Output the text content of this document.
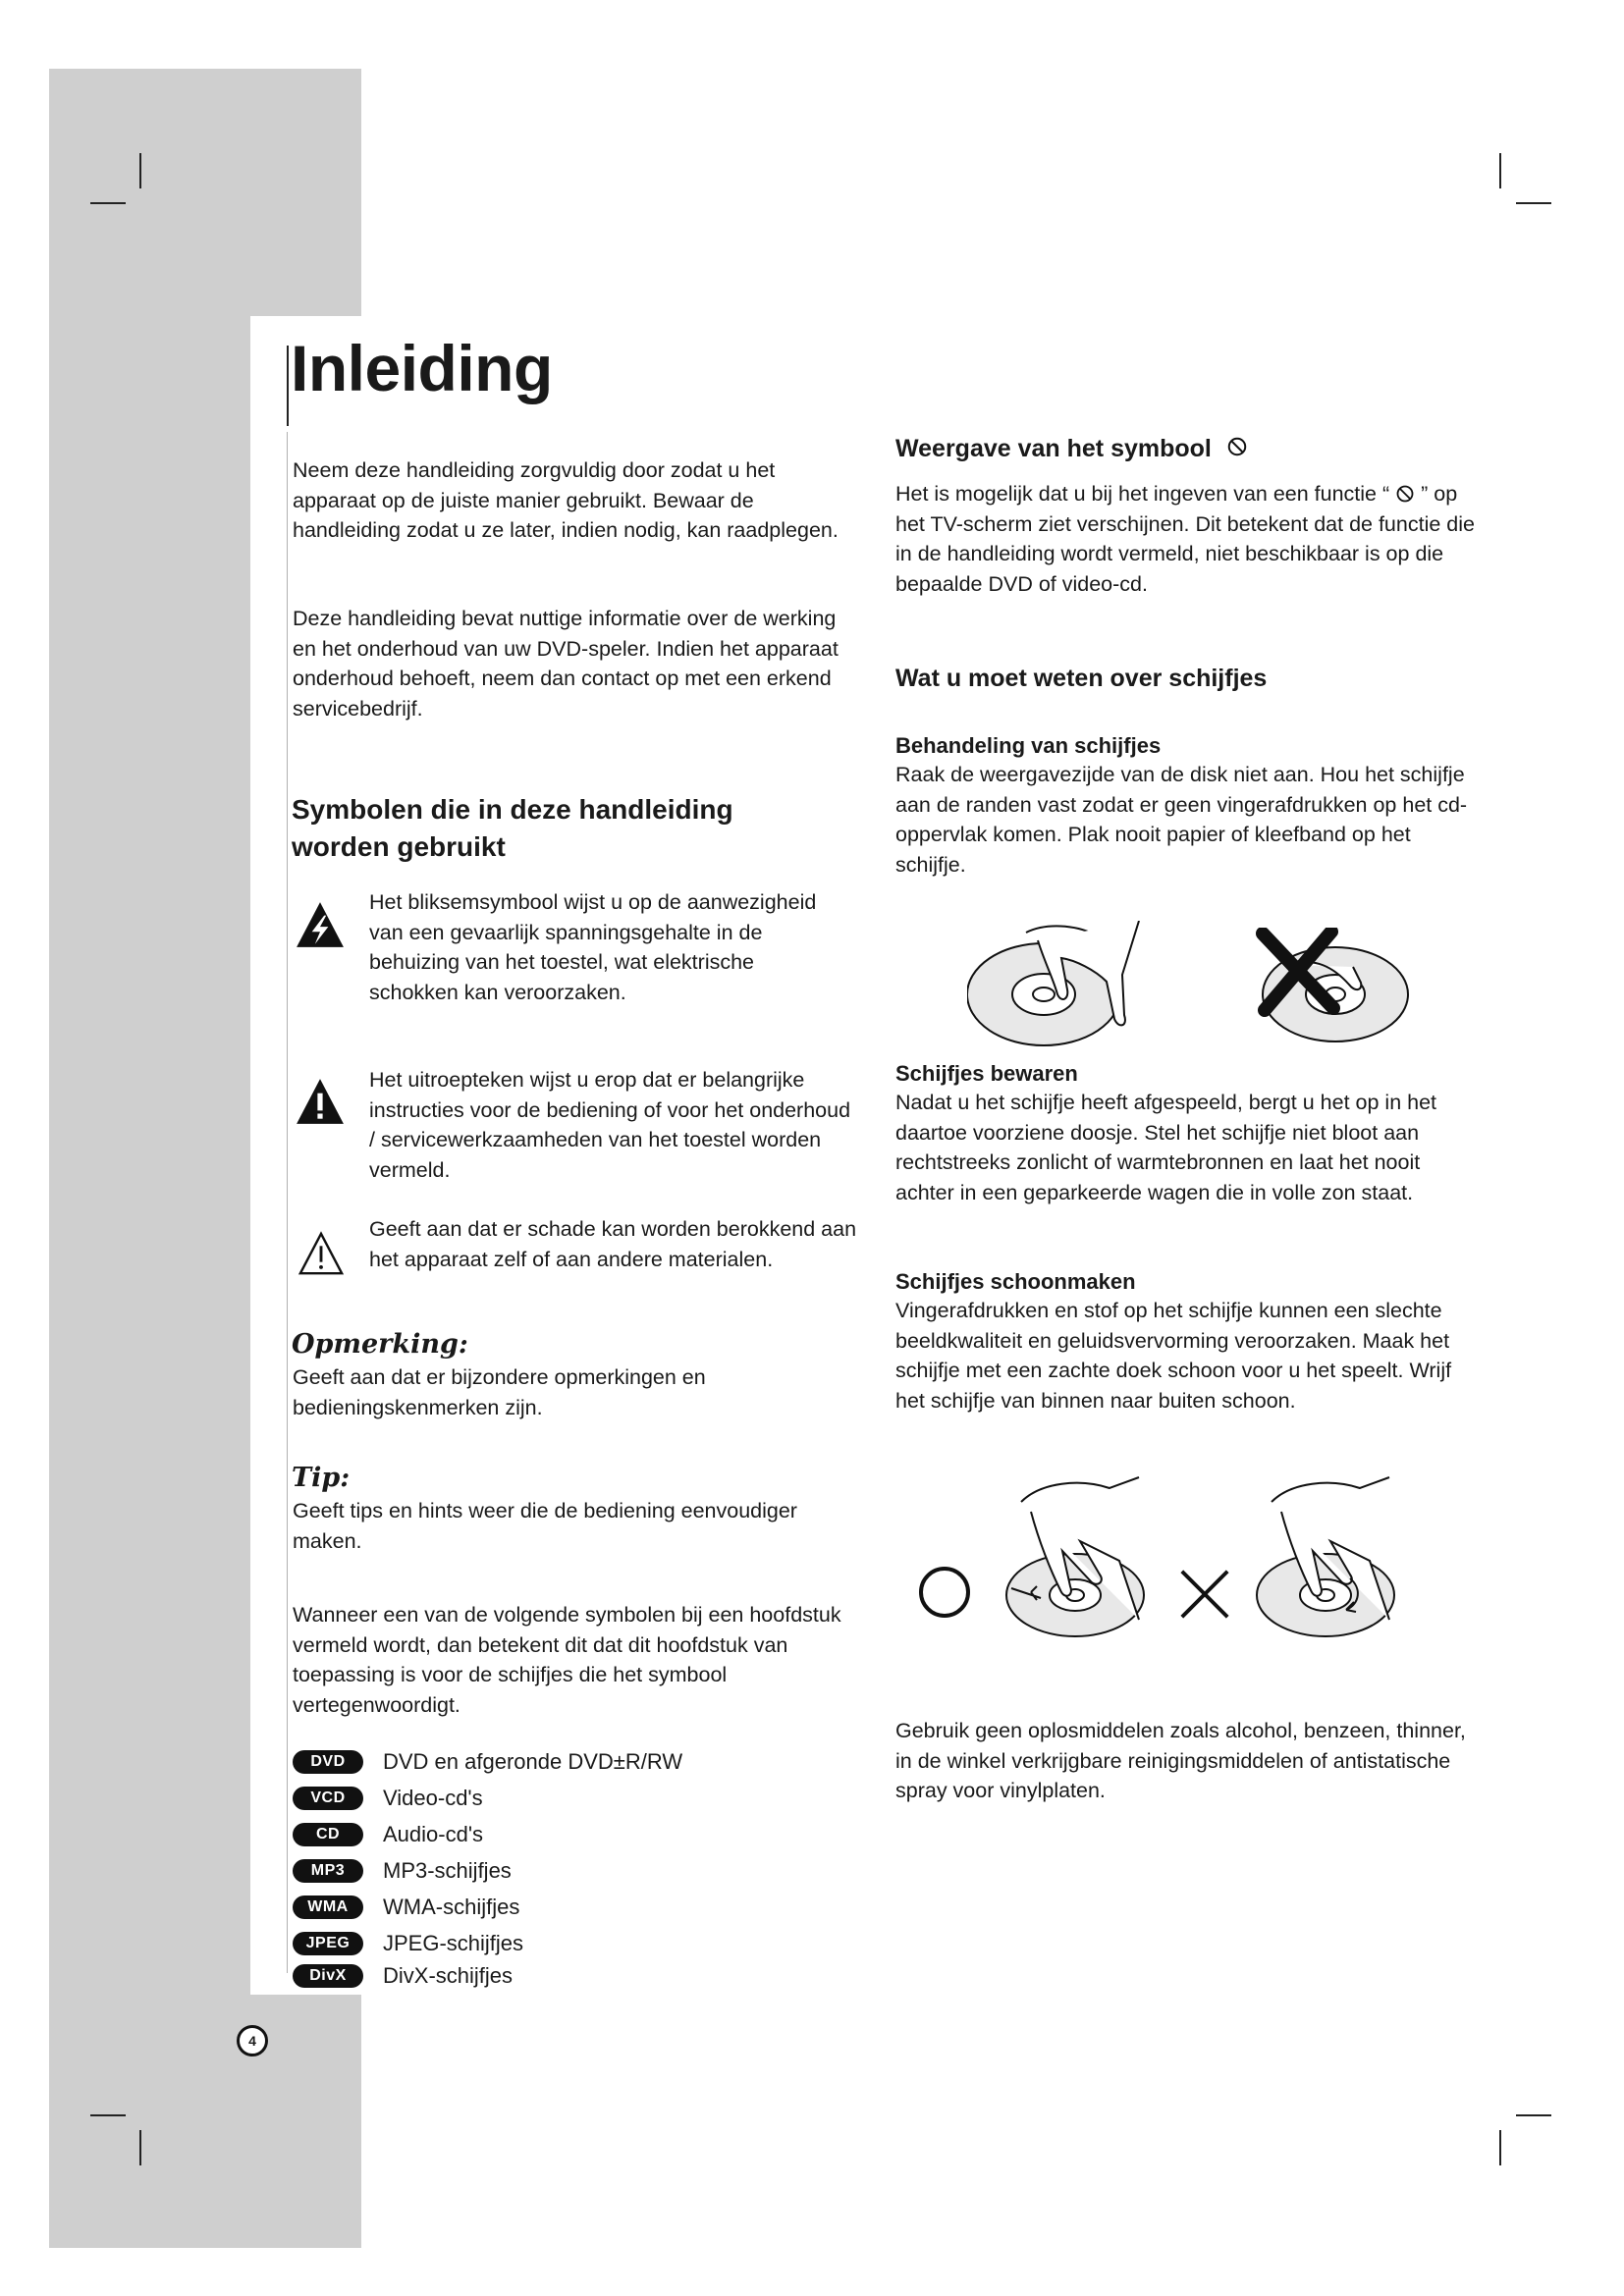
Inleiding

Neem deze handleiding zorgvuldig door zodat u het apparaat op de juiste manier gebruikt. Bewaar de handleiding zodat u ze later, indien nodig, kan raadplegen.

Deze handleiding bevat nuttige informatie over de werking en het onderhoud van uw DVD-speler. Indien het apparaat onderhoud behoeft, neem dan contact op met een erkend servicebedrijf.

Symbolen die in deze handleiding worden gebruikt

Het bliksemsymbool wijst u op de aanwezigheid van een gevaarlijk spanningsgehalte in de behuizing van het toestel, wat elektrische schokken kan veroorzaken.

Het uitroepteken wijst u erop dat er belangrijke instructies voor de bediening of voor het onderhoud / servicewerkzaamheden van het toestel worden vermeld.

Geeft aan dat er schade kan worden berokkend aan het apparaat zelf of aan andere materialen.

Opmerking:

Geeft aan dat er bijzondere opmerkingen en bedieningskenmerken zijn.

Tip:

Geeft tips en hints weer die de bediening eenvoudiger maken.

Wanneer een van de volgende symbolen bij een hoofdstuk vermeld wordt, dan betekent dit dat dit hoofdstuk van toepassing is voor de schijfjes die het symbool vertegenwoordigt.

DVD	DVD en afgeronde DVD±R/RW
VCD	Video-cd's
CD	Audio-cd's
MP3	MP3-schijfjes
WMA	WMA-schijfjes
JPEG	JPEG-schijfjes
DivX	DivX-schijfjes
4
Weergave van het symbool

Het is mogelijk dat u bij het ingeven van een functie “ ” op het TV-scherm ziet verschijnen. Dit betekent dat de functie die in de handleiding wordt vermeld, niet beschikbaar is op die bepaalde DVD of video-cd.

Wat u moet weten over schijfjes

Behandeling van schijfjes

Raak de weergavezijde van de disk niet aan. Hou het schijfje aan de randen vast zodat er geen vingerafdrukken op het cd-oppervlak komen. Plak nooit papier of kleefband op het schijfje.

Schijfjes bewaren

Nadat u het schijfje heeft afgespeeld, bergt u het op in het daartoe voorziene doosje. Stel het schijfje niet bloot aan rechtstreeks zonlicht of warmtebronnen en laat het nooit achter in een geparkeerde wagen die in volle zon staat.

Schijfjes schoonmaken

Vingerafdrukken en stof op het schijfje kunnen een slechte beeldkwaliteit en geluidsvervorming veroorzaken. Maak het schijfje met een zachte doek schoon voor u het speelt. Wrijf het schijfje van binnen naar buiten schoon.

Gebruik geen oplosmiddelen zoals alcohol, benzeen, thinner, in de winkel verkrijgbare reinigingsmiddelen of antistatische spray voor vinylplaten.
